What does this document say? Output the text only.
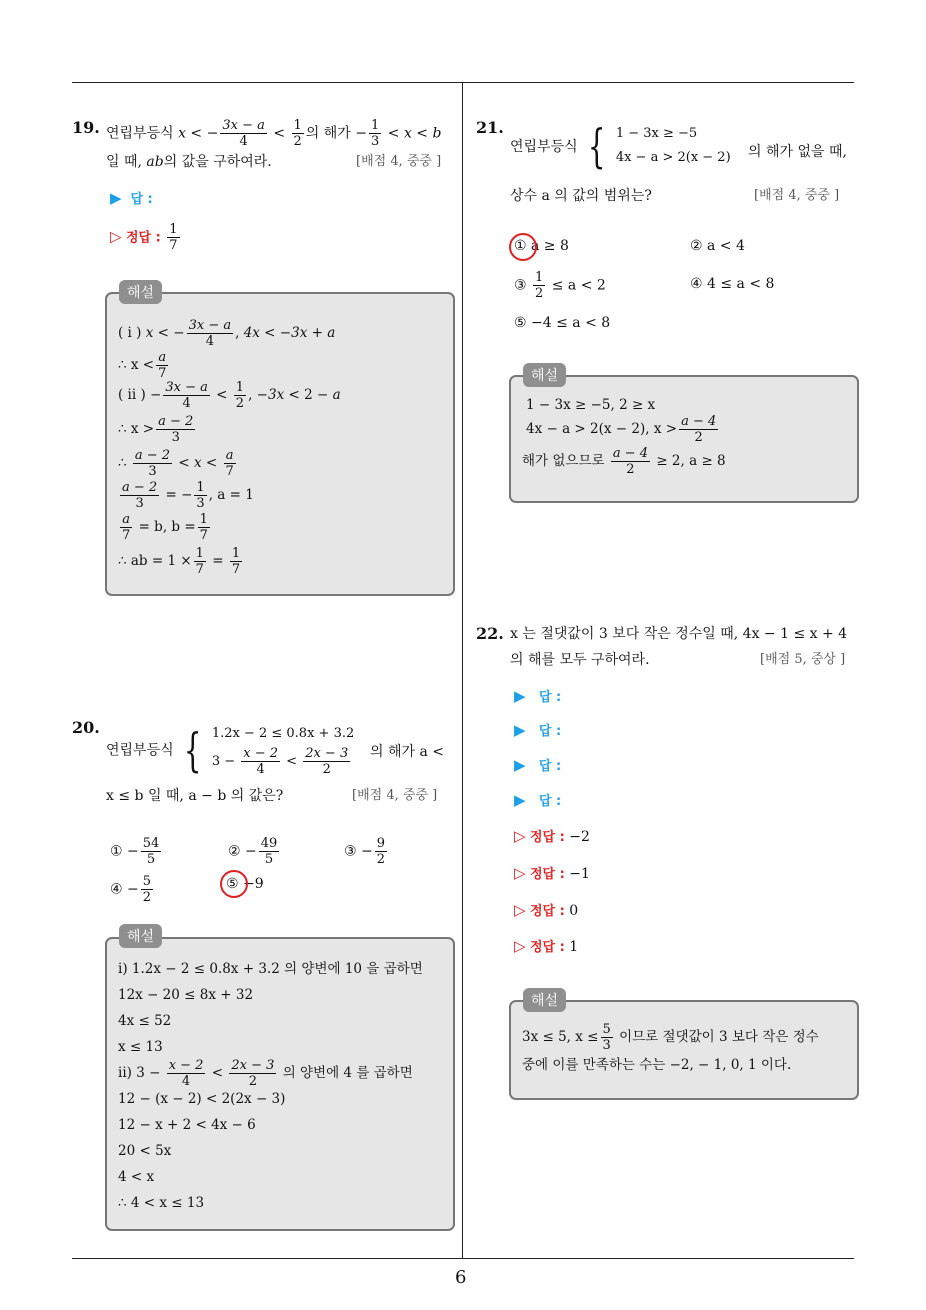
6
19. 연립부등식 x < − $\frac{3x - a}{4} < \frac{1}{2}$ 의 해가 − $\frac{1}{3} < x < b$
일 때, ab의 값을 구하여라.	[배점 4, 중중 ]
▶ 답 :
▷ 정답 : $\frac{1}{7}$
해설
( i ) x < − $\frac{3x - a}{4}$ , 4x < −3x + a
∴ $x < \frac{a}{7}$
( ii ) − $\frac{3x - a}{4} < \frac{1}{2}$ , −3x < 2 − a
∴ $x > \frac{a - 2}{3}$
∴ $\frac{a - 2}{3} < x < \frac{a}{7}$
$\frac{a - 2}{3}$ = − $\frac{1}{3}$ , a = 1
$\frac{a}{7} = b$, $b = \frac{1}{7}$
∴ ab = $1 \times \frac{1}{7} = \frac{1}{7}$
20.
연립부등식 { 1.2x − 2 ≤ 0.8x + 3.2
$3 - \frac{x - 2}{4} < \frac{2x - 3}{2}$ 의 해가 a <
x ≤ b 일 때, a − b 의 값은?	[배점 4, 중중 ]
① − $\frac{54}{5}$	② − $\frac{49}{5}$	③ − $\frac{9}{2}$
④ − $\frac{5}{2}$	⑤ −9
해설
i) 1.2x − 2 ≤ 0.8x + 3.2 의 양변에 10 을 곱하면
12x − 20 ≤ 8x + 32
4x ≤ 52
x ≤ 13
ii) $3 - \frac{x - 2}{4} < \frac{2x - 3}{2}$ 의 양변에 4 를 곱하면
12 − (x − 2) < 2(2x − 3)
12 − x + 2 < 4x − 6
20 < 5x
4 < x
∴ 4 < x ≤ 13
21.
연립부등식 { 1 − 3x ≥ −5
4x − a > 2(x − 2) 의 해가 없을 때,
상수 a 의 값의 범위는?	[배점 4, 중중 ]
① a ≥ 8	② a < 4
③ $\frac{1}{2} \le a < 2$	④ 4 ≤ a < 8
⑤ −4 ≤ a < 8
해설
1 − 3x ≥ −5, 2 ≥ x
4x − a > 2(x − 2), $x > \frac{a - 4}{2}$
해가 없으므로 $\frac{a - 4}{2} \ge 2$, a ≥ 8
22. x 는 절댓값이 3 보다 작은 정수일 때, 4x − 1 ≤ x + 4
의 해를 모두 구하여라.	[배점 5, 중상 ]
▶ 답 :
▶ 답 :
▶ 답 :
▶ 답 :
▷ 정답 : −2
▷ 정답 : −1
▷ 정답 : 0
▷ 정답 : 1
해설
3x ≤ 5, $x \le \frac{5}{3}$ 이므로 절댓값이 3 보다 작은 정수
중에 이를 만족하는 수는 −2, − 1, 0, 1 이다.
